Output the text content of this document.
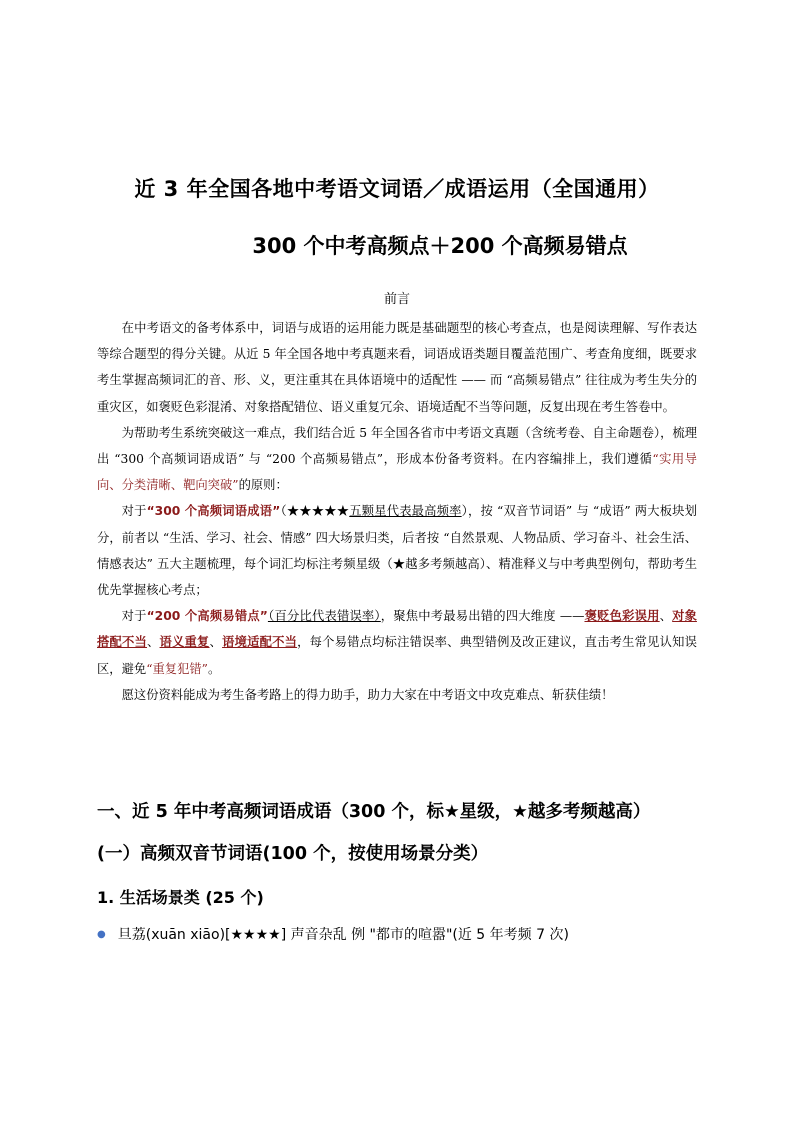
近 3 年全国各地中考语文词语／成语运用（全国通用）
300 个中考高频点＋200 个高频易错点
前言

在中考语文的备考体系中，词语与成语的运用能力既是基础题型的核心考查点，也是阅读理解、写作表达等综合题型的得分关键。从近 5 年全国各地中考真题来看，词语成语类题目覆盖范围广、考查角度细，既要求考生掌握高频词汇的音、形、义，更注重其在具体语境中的适配性 —— 而 “高频易错点” 往往成为考生失分的重灾区，如褒贬色彩混淆、对象搭配错位、语义重复冗余、语境适配不当等问题，反复出现在考生答卷中。

为帮助考生系统突破这一难点，我们结合近 5 年全国各省市中考语文真题（含统考卷、自主命题卷），梳理出 “300 个高频词语成语” 与 “200 个高频易错点”，形成本份备考资料。在内容编排上，我们遵循“实用导向、分类清晰、靶向突破”的原则：

对于“300 个高频词语成语”（★★★★★五颗星代表最高频率），按 “双音节词语” 与 “成语” 两大板块划分，前者以 “生活、学习、社会、情感” 四大场景归类，后者按 “自然景观、人物品质、学习奋斗、社会生活、情感表达” 五大主题梳理，每个词汇均标注考频星级（★越多考频越高）、精准释义与中考典型例句，帮助考生优先掌握核心考点；

对于“200 个高频易错点”（百分比代表错误率），聚焦中考最易出错的四大维度 ——褒贬色彩误用、对象搭配不当、语义重复、语境适配不当，每个易错点均标注错误率、典型错例及改正建议，直击考生常见认知误区，避免“重复犯错”。

愿这份资料能成为考生备考路上的得力助手，助力大家在中考语文中攻克难点、斩获佳绩！

一、近 5 年中考高频词语成语（300 个，标★星级，★越多考频越高）
(一）高频双音节词语(100 个，按使用场景分类）
1. 生活场景类 (25 个)
● 旦荔(xuān xiāo)[★★★★] 声音杂乱 例 "都市的喧嚣"(近 5 年考频 7 次)
